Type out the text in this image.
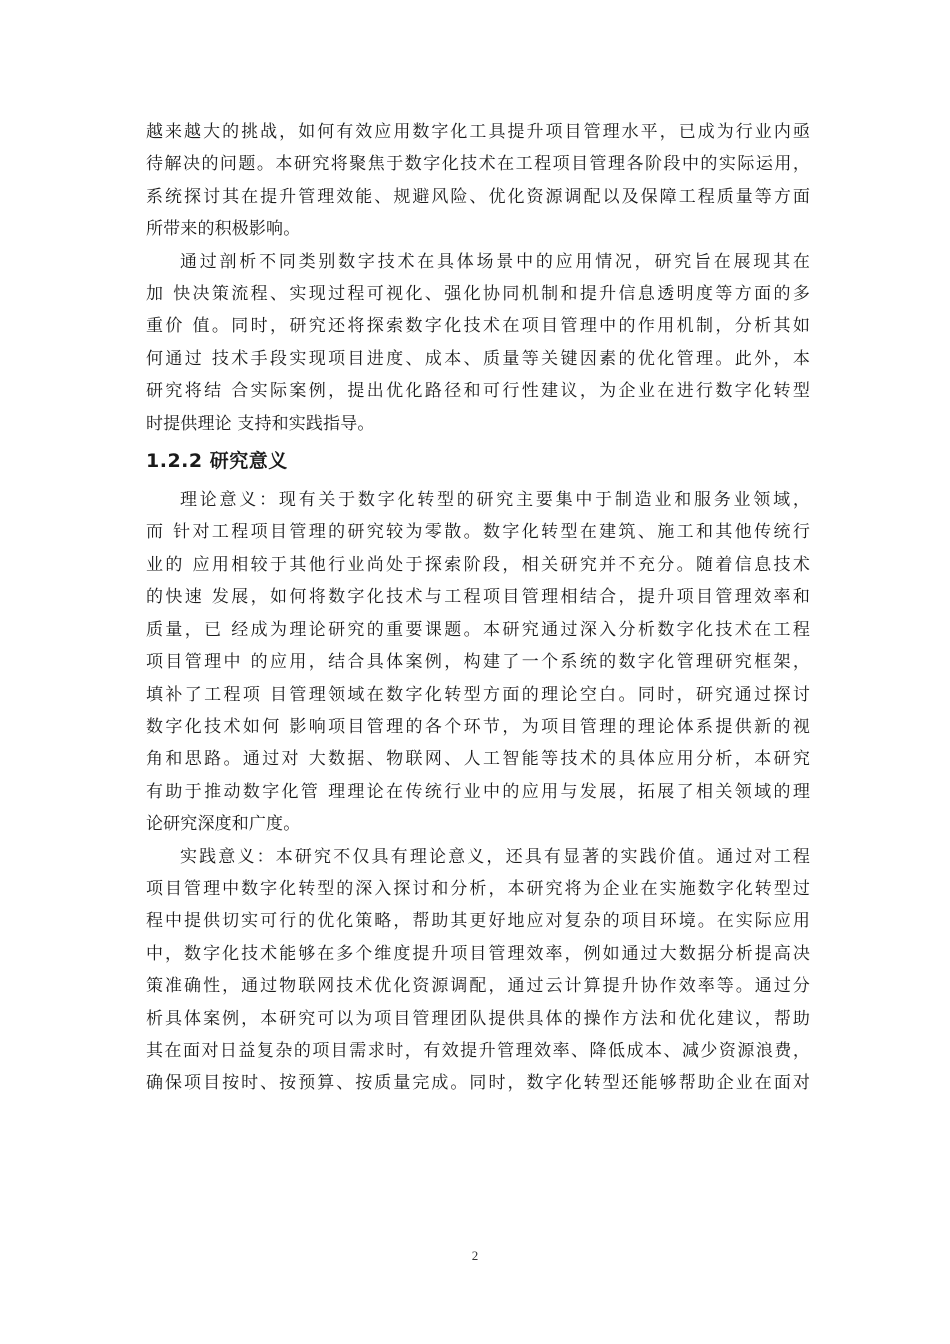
越来越大的挑战，如何有效应用数字化工具提升项目管理水平，已成为行业内亟
待解决的问题。本研究将聚焦于数字化技术在工程项目管理各阶段中的实际运用，
系统探讨其在提升管理效能、规避风险、优化资源调配以及保障工程质量等方面
所带来的积极影响。

通过剖析不同类别数字技术在具体场景中的应用情况，研究旨在展现其在
加 快决策流程、实现过程可视化、强化协同机制和提升信息透明度等方面的多
重价 值。同时，研究还将探索数字化技术在项目管理中的作用机制，分析其如
何通过 技术手段实现项目进度、成本、质量等关键因素的优化管理。此外，本
研究将结 合实际案例，提出优化路径和可行性建议，为企业在进行数字化转型
时提供理论 支持和实践指导。

1.2.2 研究意义

理论意义：现有关于数字化转型的研究主要集中于制造业和服务业领域，
而 针对工程项目管理的研究较为零散。数字化转型在建筑、施工和其他传统行
业的 应用相较于其他行业尚处于探索阶段，相关研究并不充分。随着信息技术
的快速 发展，如何将数字化技术与工程项目管理相结合，提升项目管理效率和
质量，已 经成为理论研究的重要课题。本研究通过深入分析数字化技术在工程
项目管理中 的应用，结合具体案例，构建了一个系统的数字化管理研究框架，
填补了工程项 目管理领域在数字化转型方面的理论空白。同时，研究通过探讨
数字化技术如何 影响项目管理的各个环节，为项目管理的理论体系提供新的视
角和思路。通过对 大数据、物联网、人工智能等技术的具体应用分析，本研究
有助于推动数字化管 理理论在传统行业中的应用与发展，拓展了相关领域的理
论研究深度和广度。

实践意义：本研究不仅具有理论意义，还具有显著的实践价值。通过对工程
项目管理中数字化转型的深入探讨和分析，本研究将为企业在实施数字化转型过
程中提供切实可行的优化策略，帮助其更好地应对复杂的项目环境。在实际应用
中，数字化技术能够在多个维度提升项目管理效率，例如通过大数据分析提高决
策准确性，通过物联网技术优化资源调配，通过云计算提升协作效率等。通过分
析具体案例，本研究可以为项目管理团队提供具体的操作方法和优化建议，帮助
其在面对日益复杂的项目需求时，有效提升管理效率、降低成本、减少资源浪费，
确保项目按时、按预算、按质量完成。同时，数字化转型还能够帮助企业在面对

2
